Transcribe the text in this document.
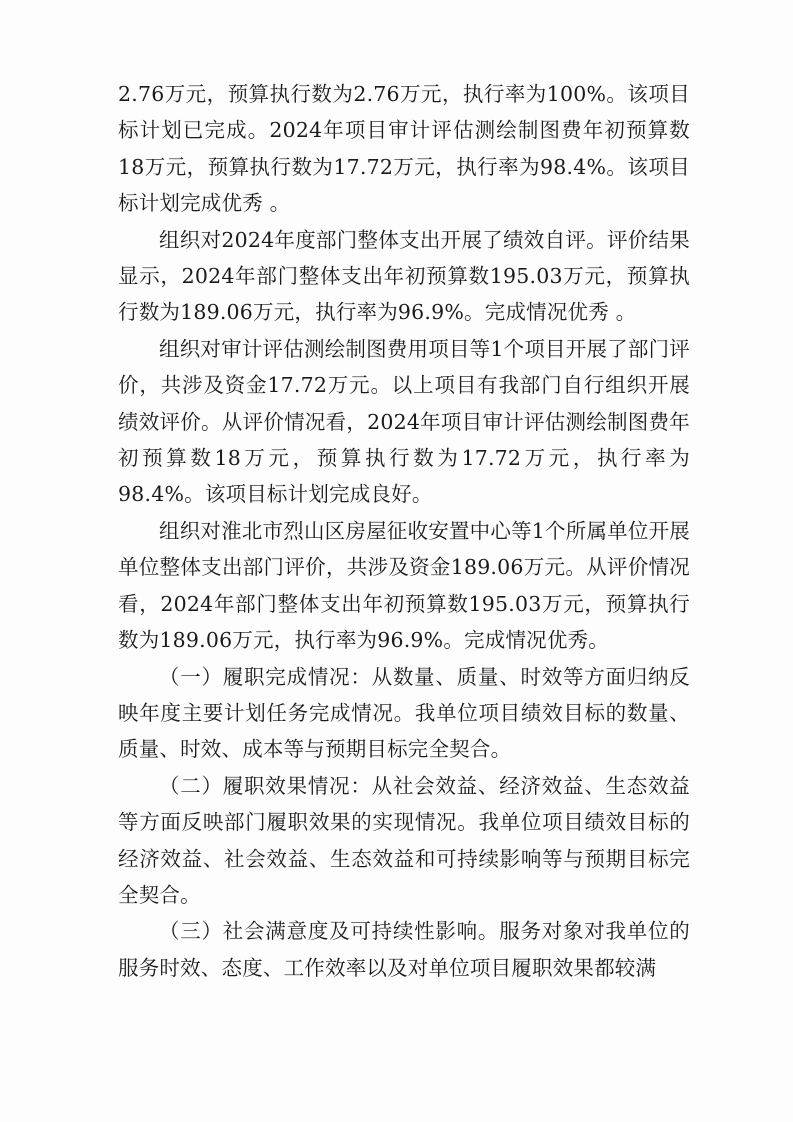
2.76万元，预算执行数为2.76万元，执行率为100%。该项目标计划已完成。2024年项目审计评估测绘制图费年初预算数18万元，预算执行数为17.72万元，执行率为98.4%。该项目标计划完成优秀 。

组织对2024年度部门整体支出开展了绩效自评。评价结果显示，2024年部门整体支出年初预算数195.03万元，预算执行数为189.06万元，执行率为96.9%。完成情况优秀 。

组织对审计评估测绘制图费用项目等1个项目开展了部门评价，共涉及资金17.72万元。以上项目有我部门自行组织开展绩效评价。从评价情况看，2024年项目审计评估测绘制图费年初预算数18万元，预算执行数为17.72万元，执行率为98.4%。该项目标计划完成良好。

组织对淮北市烈山区房屋征收安置中心等1个所属单位开展单位整体支出部门评价，共涉及资金189.06万元。从评价情况看，2024年部门整体支出年初预算数195.03万元，预算执行数为189.06万元，执行率为96.9%。完成情况优秀。

（一）履职完成情况：从数量、质量、时效等方面归纳反映年度主要计划任务完成情况。我单位项目绩效目标的数量、质量、时效、成本等与预期目标完全契合。

（二）履职效果情况：从社会效益、经济效益、生态效益等方面反映部门履职效果的实现情况。我单位项目绩效目标的经济效益、社会效益、生态效益和可持续影响等与预期目标完全契合。

（三）社会满意度及可持续性影响。服务对象对我单位的服务时效、态度、工作效率以及对单位项目履职效果都较满
